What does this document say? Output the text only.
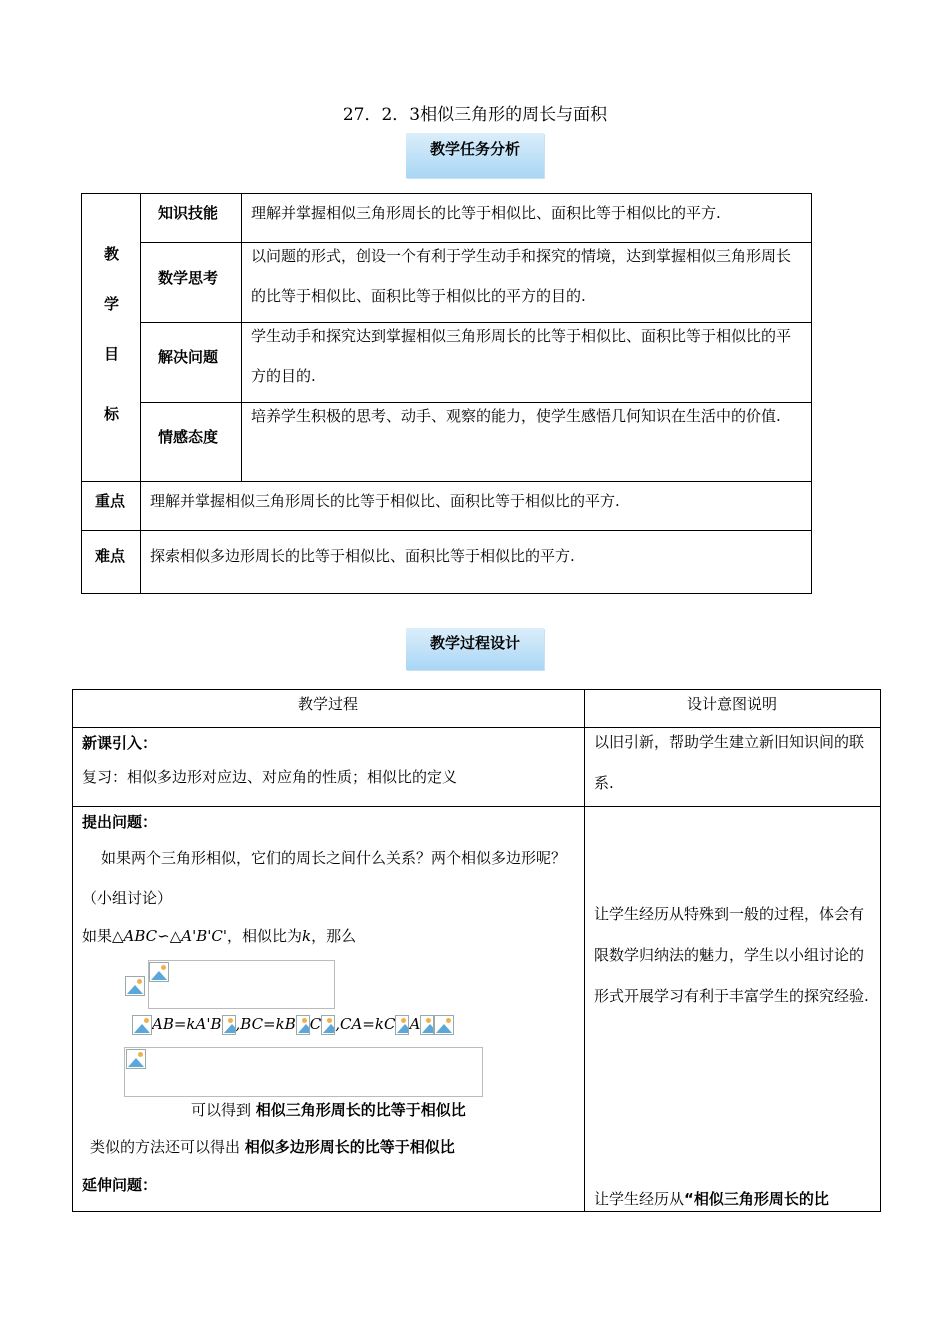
27．2．3相似三角形的周长与面积
教学任务分析
教
学
目
标
知识技能 理解并掌握相似三角形周长的比等于相似比、面积比等于相似比的平方.
数学思考
以问题的形式，创设一个有利于学生动手和探究的情境，达到掌握相似三角形周长的比等于相似比、面积比等于相似比的平方的目的.
解决问题
学生动手和探究达到掌握相似三角形周长的比等于相似比、面积比等于相似比的平方的目的.
情感态度
培养学生积极的思考、动手、观察的能力，使学生感悟几何知识在生活中的价值.
重点 理解并掌握相似三角形周长的比等于相似比、面积比等于相似比的平方.
难点 探索相似多边形周长的比等于相似比、面积比等于相似比的平方.
教学过程设计
教学过程	设计意图说明
新课引入：
复习：相似多边形对应边、对应角的性质；相似比的定义
以旧引新，帮助学生建立新旧知识间的联系.
提出问题：
如果两个三角形相似，它们的周长之间什么关系？两个相似多边形呢？（小组讨论）
如果△ABC∽△A'B'C'，相似比为k，那么
AB=kA'B ,BC=kB C ,CA=kC A
可以得到 相似三角形周长的比等于相似比
类似的方法还可以得出 相似多边形周长的比等于相似比
延伸问题：
让学生经历从特殊到一般的过程，体会有限数学归纳法的魅力，学生以小组讨论的形式开展学习有利于丰富学生的探究经验.
让学生经历从“相似三角形周长的比
